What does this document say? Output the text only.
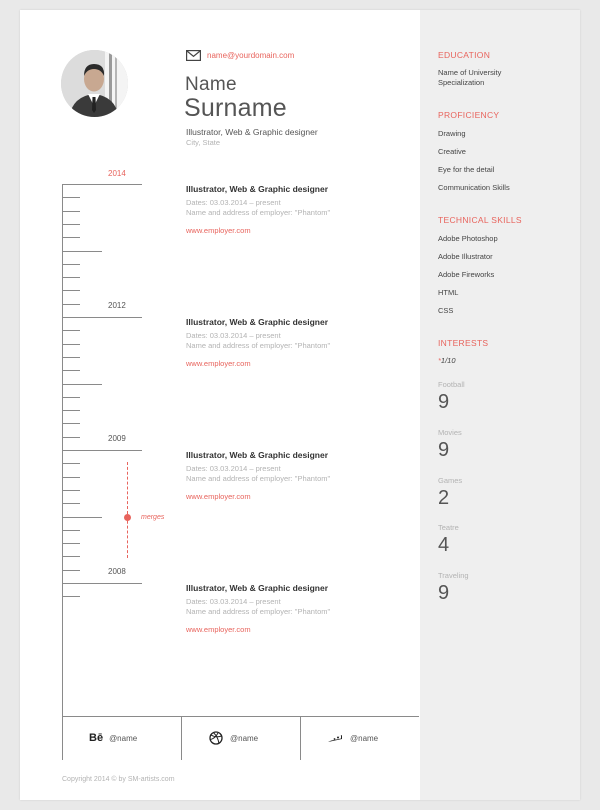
name@yourdomain.com
Name
Surname
Illustrator, Web & Graphic designer
City, State
2014
2012
2009
2008
merges
Illustrator, Web & Graphic designer
Dates: 03.03.2014 – present
Name and address of employer: "Phantom"
www.employer.com
Illustrator, Web & Graphic designer
Dates: 03.03.2014 – present
Name and address of employer: "Phantom"
www.employer.com
Illustrator, Web & Graphic designer
Dates: 03.03.2014 – present
Name and address of employer: "Phantom"
www.employer.com
Illustrator, Web & Graphic designer
Dates: 03.03.2014 – present
Name and address of employer: "Phantom"
www.employer.com
Bē @name	@name	@name
Copyright 2014 © by SM-artists.com
EDUCATION
Name of University
Specialization
PROFICIENCY
Drawing
Creative
Eye for the detail
Communication Skills
TECHNICAL SKILLS
Adobe Photoshop
Adobe Illustrator
Adobe Fireworks
HTML
CSS
INTERESTS
*1/10
Football
9
Movies
9
Games
2
Teatre
4
Traveling
9
